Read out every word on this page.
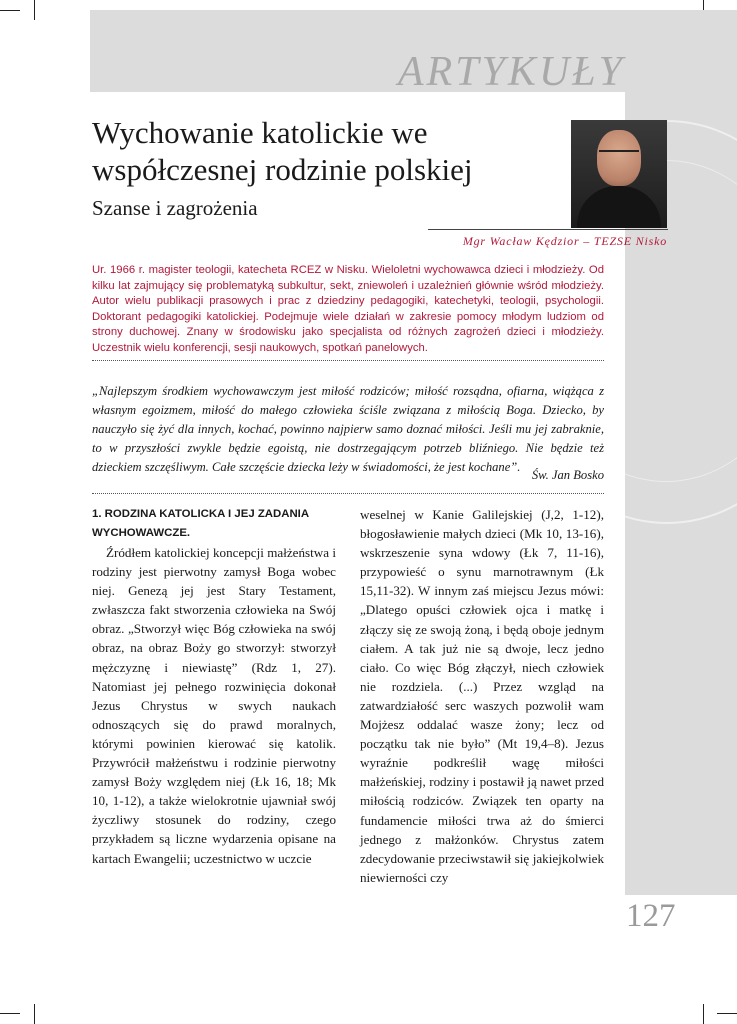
ARTYKUŁY
Wychowanie katolickie we współczesnej rodzinie polskiej
Szanse i zagrożenia
Mgr Wacław Kędzior – TEZSE Nisko
Ur. 1966 r. magister teologii, katecheta RCEZ w Nisku. Wieloletni wychowawca dzieci i młodzieży. Od kilku lat zajmujący się problematyką subkultur, sekt, zniewoleń i uzależnień głównie wśród młodzieży. Autor wielu publikacji prasowych i prac z dziedziny pedagogiki, katechetyki, teologii, psychologii. Doktorant pedagogiki katolickiej. Podejmuje wiele działań w zakresie pomocy młodym ludziom od strony duchowej. Znany w środowisku jako specjalista od różnych zagrożeń dzieci i młodzieży. Uczestnik wielu konferencji, sesji naukowych, spotkań panelowych.
„Najlepszym środkiem wychowawczym jest miłość rodziców; miłość rozsądna, ofiarna, wiążąca z własnym egoizmem, miłość do małego człowieka ściśle związana z miłością Boga. Dziecko, by nauczyło się żyć dla innych, kochać, powinno najpierw samo doznać miłości. Jeśli mu jej zabraknie, to w przyszłości zwykle będzie egoistą, nie dostrzegającym potrzeb bliźniego. Nie będzie też dzieckiem szczęśliwym. Całe szczęście dziecka leży w świadomości, że jest kochane”.
Św. Jan Bosko
1. RODZINA KATOLICKA I JEJ ZADANIA WYCHOWAWCZE.

Źródłem katolickiej koncepcji małżeństwa i rodziny jest pierwotny zamysł Boga wobec niej. Genezą jej jest Stary Testament, zwłaszcza fakt stworzenia człowieka na Swój obraz. „Stworzył więc Bóg człowieka na swój obraz, na obraz Boży go stworzył: stworzył mężczyznę i niewiastę” (Rdz 1, 27). Natomiast jej pełnego rozwinięcia dokonał Jezus Chrystus w swych naukach odnoszących się do prawd moralnych, którymi powinien kierować się katolik. Przywrócił małżeństwu i rodzinie pierwotny zamysł Boży względem niej (Łk 16, 18; Mk 10, 1-12), a także wielokrotnie ujawniał swój życzliwy stosunek do rodziny, czego przykładem są liczne wydarzenia opisane na kartach Ewangelii; uczestnictwo w uczcie

weselnej w Kanie Galilejskiej (J,2, 1-12), błogosławienie małych dzieci (Mk 10, 13-16), wskrzeszenie syna wdowy (Łk 7, 11-16), przypowieść o synu marnotrawnym (Łk 15,11-32). W innym zaś miejscu Jezus mówi: „Dlatego opuści człowiek ojca i matkę i złączy się ze swoją żoną, i będą oboje jednym ciałem. A tak już nie są dwoje, lecz jedno ciało. Co więc Bóg złączył, niech człowiek nie rozdziela. (...) Przez wzgląd na zatwardziałość serc waszych pozwolił wam Mojżesz oddalać wasze żony; lecz od początku tak nie było” (Mt 19,4–8). Jezus wyraźnie podkreślił wagę miłości małżeńskiej, rodziny i postawił ją nawet przed miłością rodziców. Związek ten oparty na fundamencie miłości trwa aż do śmierci jednego z małżonków. Chrystus zatem zdecydowanie przeciwstawił się jakiejkolwiek niewierności czy

127
